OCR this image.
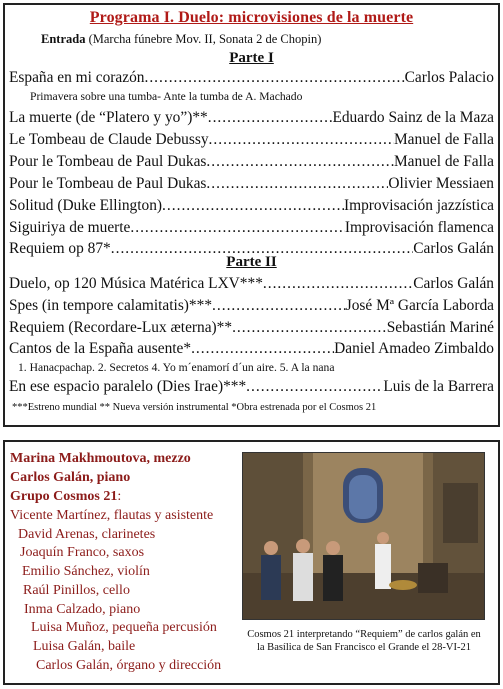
Programa I. Duelo: microvisiones de la muerte
Entrada (Marcha fúnebre Mov. II, Sonata 2 de Chopin)
Parte I
Parte II
España en mi corazón .....	Carlos Palacio
La muerte (de “Platero y yo”)** .....	Eduardo Sainz de la Maza
Le Tombeau de Claude Debussy .....	Manuel de Falla
Pour le Tombeau de Paul Dukas .....	Manuel de Falla
Pour le Tombeau de Paul Dukas .....	Olivier Messiaen
Solitud (Duke Ellington) .....	Improvisación jazzística
Siguiriya de muerte .....	Improvisación flamenca
Requiem op 87* .....	Carlos Galán
Primavera sobre una tumba- Ante la tumba de A. Machado
Duelo, op 120 Música Matérica LXV*** .....	Carlos Galán
Spes (in tempore calamitatis)*** .....	José Mª García Laborda
Requiem (Recordare-Lux æterna)** .....	Sebastián Mariné
Cantos de la España ausente* .....	Daniel Amadeo Zimbaldo
En ese espacio paralelo (Dies Irae)*** .....	Luis de la Barrera
1. Hanacpachap. 2. Secretos 4. Yo m´enamorí d´un aire. 5. A la nana
***Estreno mundial ** Nueva versión instrumental *Obra estrenada por el Cosmos 21
Marina Makhmoutova, mezzo
Carlos Galán, piano
Grupo Cosmos 21:
Vicente Martínez, flautas y asistente
David Arenas, clarinetes
Joaquín Franco, saxos
Emilio Sánchez, violín
Raúl Pinillos, cello
Inma Calzado, piano
Luisa Muñoz, pequeña percusión
Luisa Galán, baile
Carlos Galán, órgano y dirección
Cosmos 21 interpretando “Requiem” de carlos galán en la Basílica de San Francisco el Grande el 28-VI-21
